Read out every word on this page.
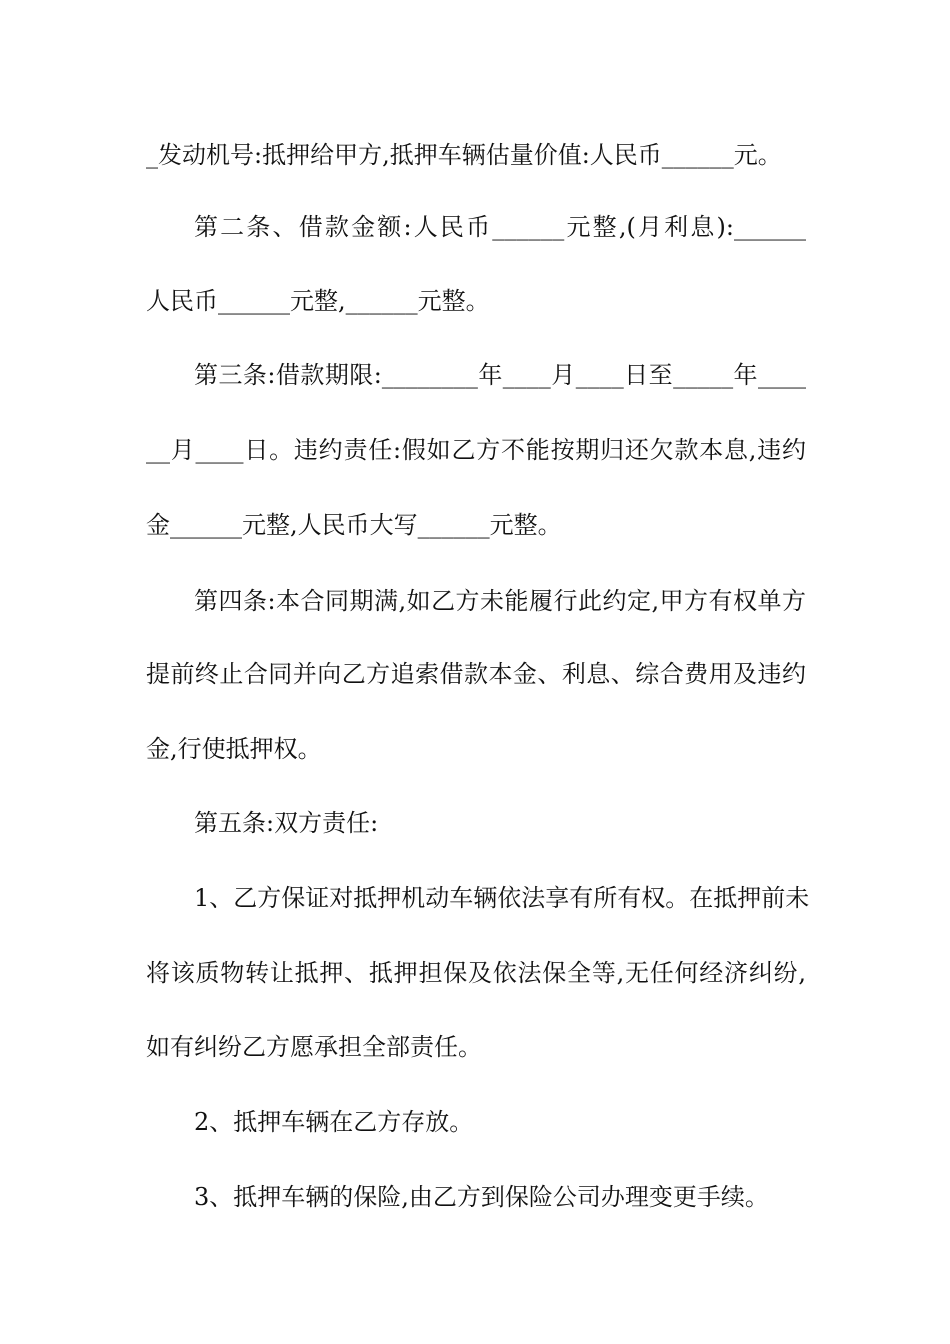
_发动机号:抵押给甲方,抵押车辆估量价值:人民币______元。
第二条、借款金额:人民币______元整,(月利息):______
人民币______元整,______元整。
第三条:借款期限:________年____月____日至_____年____
__月____日。违约责任:假如乙方不能按期归还欠款本息,违约
金______元整,人民币大写______元整。
第四条:本合同期满,如乙方未能履行此约定,甲方有权单方
提前终止合同并向乙方追索借款本金、利息、综合费用及违约
金,行使抵押权。
第五条:双方责任:
1、乙方保证对抵押机动车辆依法享有所有权。在抵押前未
将该质物转让抵押、抵押担保及依法保全等,无任何经济纠纷,
如有纠纷乙方愿承担全部责任。
2、抵押车辆在乙方存放。
3、抵押车辆的保险,由乙方到保险公司办理变更手续。
